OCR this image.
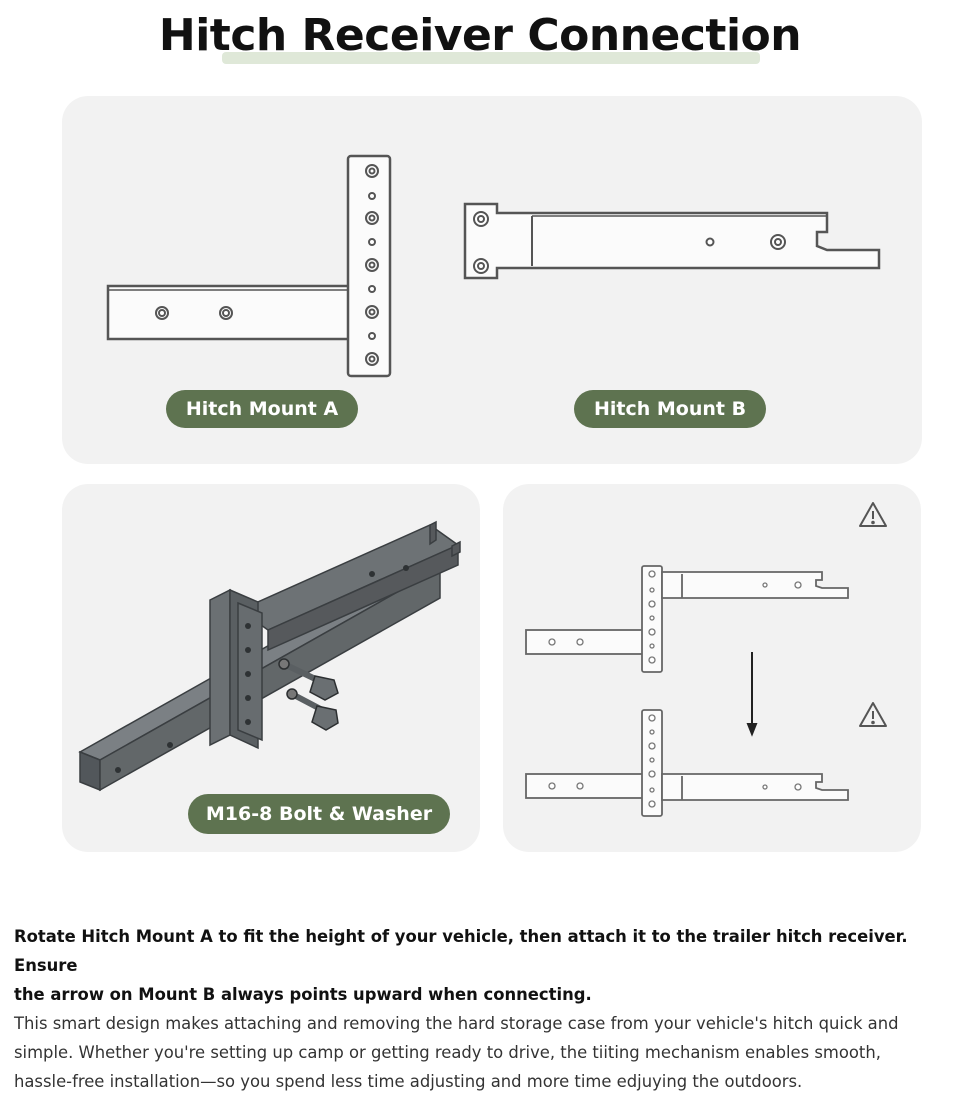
Hitch Receiver Connection
Hitch Mount A	Hitch Mount B
M16-8 Bolt & Washer
Rotate Hitch Mount A to fit the height of your vehicle, then attach it to the trailer hitch receiver. Ensure
the arrow on Mount B always points upward when connecting.
This smart design makes attaching and removing the hard storage case from your vehicle's hitch quick and
simple. Whether you're setting up camp or getting ready to drive, the tiiting mechanism enables smooth,
hassle-free installation—so you spend less time adjusting and more time edjuying the outdoors.
